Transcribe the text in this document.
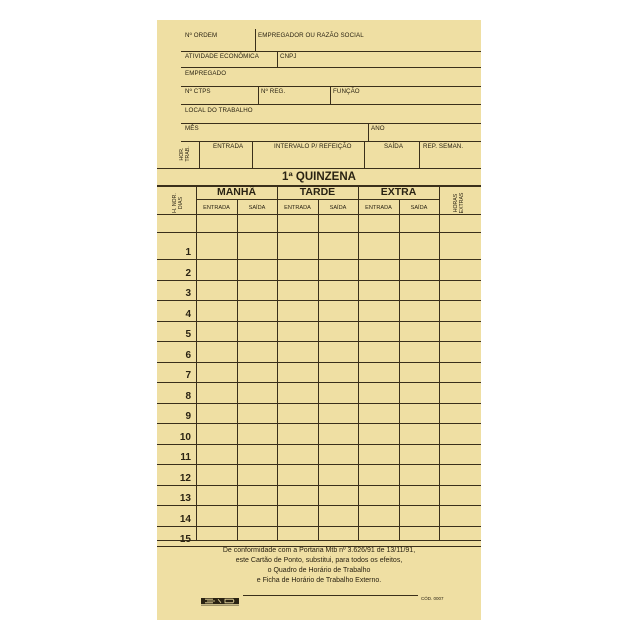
Nº ORDEM	EMPREGADOR OU RAZÃO SOCIAL
ATIVIDADE ECONÔMICA	CNPJ
EMPREGADO
Nº CTPS	Nº REG.	FUNÇÃO
LOCAL DO TRABALHO
MÊS	ANO
HOR. TRAB.	ENTRADA	INTERVALO P/ REFEIÇÃO	SAÍDA	REP. SEMAN.
1ª QUINZENA
H. NOR. DIAS	HORAS EXTRAS
MANHÃ	TARDE	EXTRA
ENTRADA	SAÍDA	ENTRADA	SAÍDA	ENTRADA	SAÍDA
1
2
3
4
5
6
7
8
9
10
11
12
13
14
15
De conformidade com a Portaria Mtb nº 3.626/91 de 13/11/91,
este Cartão de Ponto, substitui, para todos os efeitos,
o Quadro de Horário de Trabalho
e Ficha de Horário de Trabalho Externo.
CÓD. 0007
